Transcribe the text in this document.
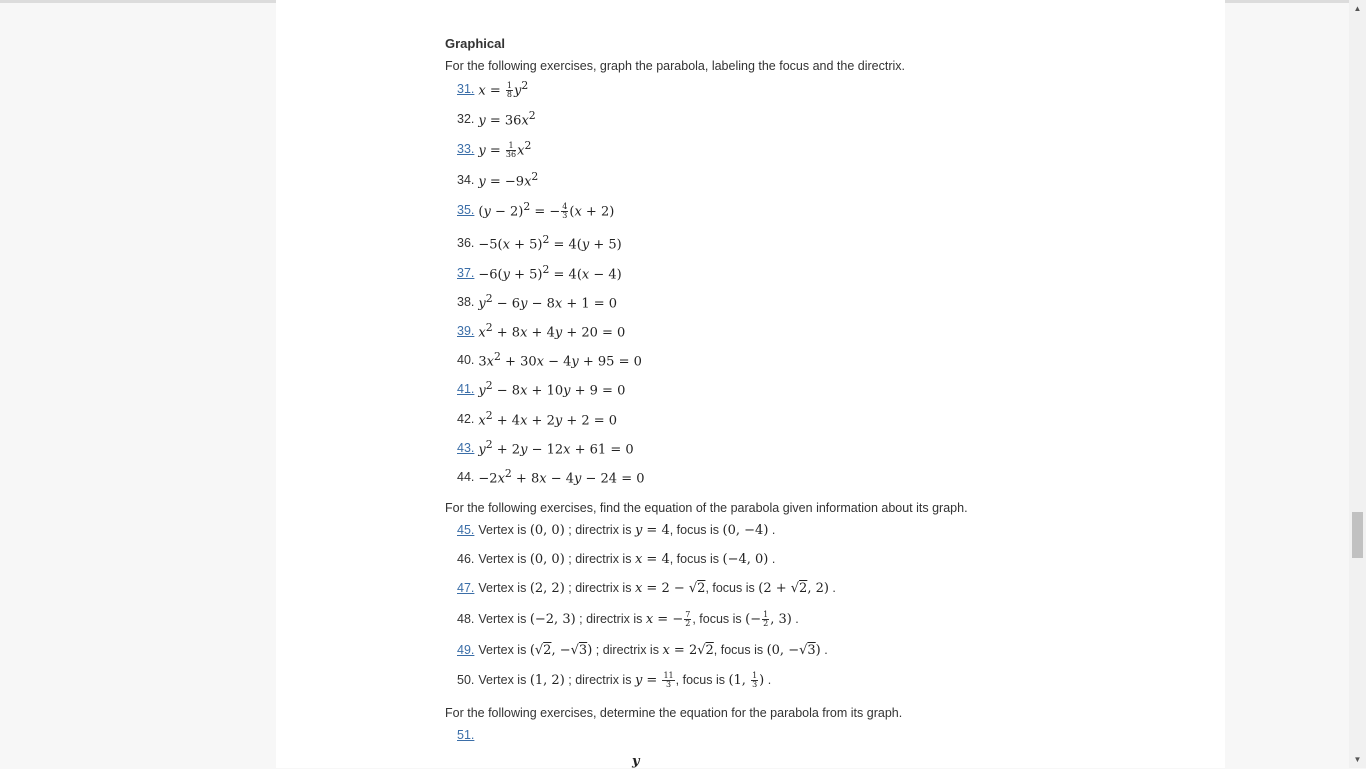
Graphical

For the following exercises, graph the parabola, labeling the focus and the directrix.

31. $x = \frac{1}{8} y^2$
32. $y = 36x^2$
33. $y = \frac{1}{36} x^2$
34. $y = -9x^2$
35. $(y - 2)^2$ = − $\frac{4}{3} (x + 2)$
36. $-5(x + 5)^2 = 4(y + 5)$
37. $-6(y + 5)^2 = 4(x - 4)$
38. $y^2 - 6y - 8x + 1 = 0$
39. $x^2 + 8x + 4y + 20 = 0$
40. $3x^2 + 30x - 4y + 95 = 0$
41. $y^2 - 8x + 10y + 9 = 0$
42. $x^2 + 4x + 2y + 2 = 0$
43. $y^2 + 2y - 12x + 61 = 0$
44. $-2x^2 + 8x - 4y - 24 = 0$

For the following exercises, find the equation of the parabola given information about its graph.

45. Vertex is
(0, 0)
; directrix is
y = 4 , focus is
(0, −4) .
46. Vertex is
(0, 0)
; directrix is
x = 4 , focus is
(−4, 0) .
47. Vertex is
(2, 2)
; directrix is
x = 2 − √2 , focus is
(2 + √2, 2) .
48. Vertex is
(−2, 3)
; directrix is
x = − $\frac{7}{2}$ , focus is
(− $\frac{1}{2}$ , 3) .
49. Vertex is
(√2, −√3)
; directrix is
x = 2√2 , focus is
(0, −√3) .
50. Vertex is
(1, 2)
; directrix is
$y = \frac{11}{3}$ , focus is
(1, $\frac{1}{3}$ ) .

For the following exercises, determine the equation for the parabola from its graph.

51.
y
▲
▼
